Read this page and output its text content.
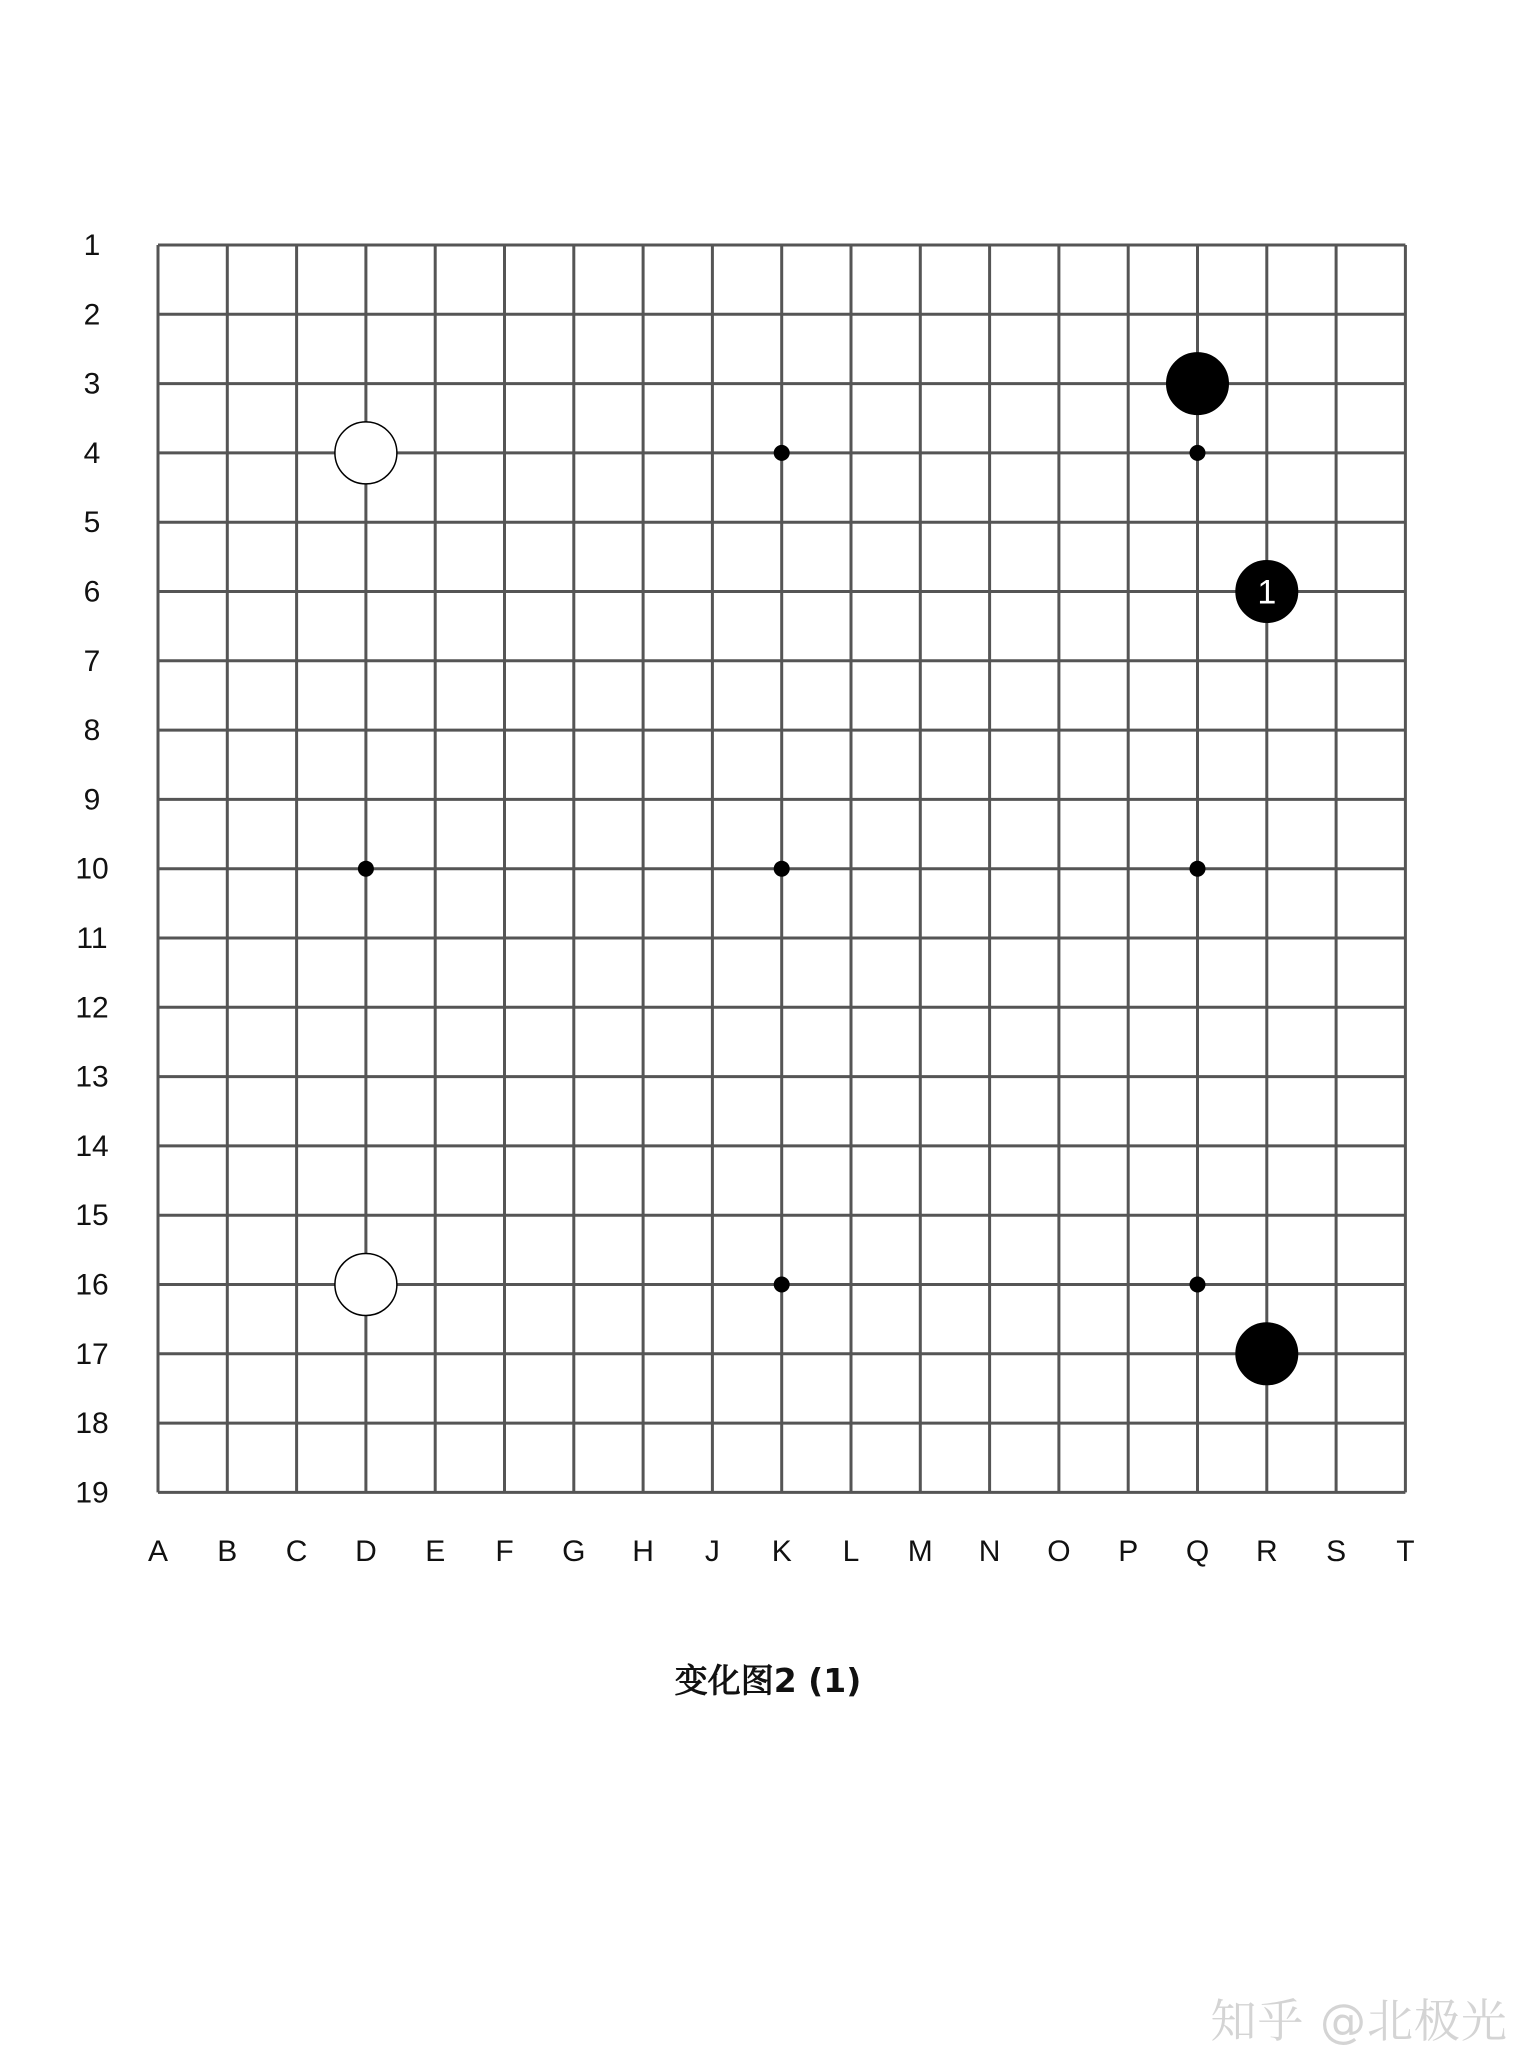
1
1
2
3
4
5
6
7
8
9
10
11
12
13
14
15
16
17
18
19
A B C D E F G H J K L M N O P Q R S T
变化图2 (1)
知乎 @北极光
